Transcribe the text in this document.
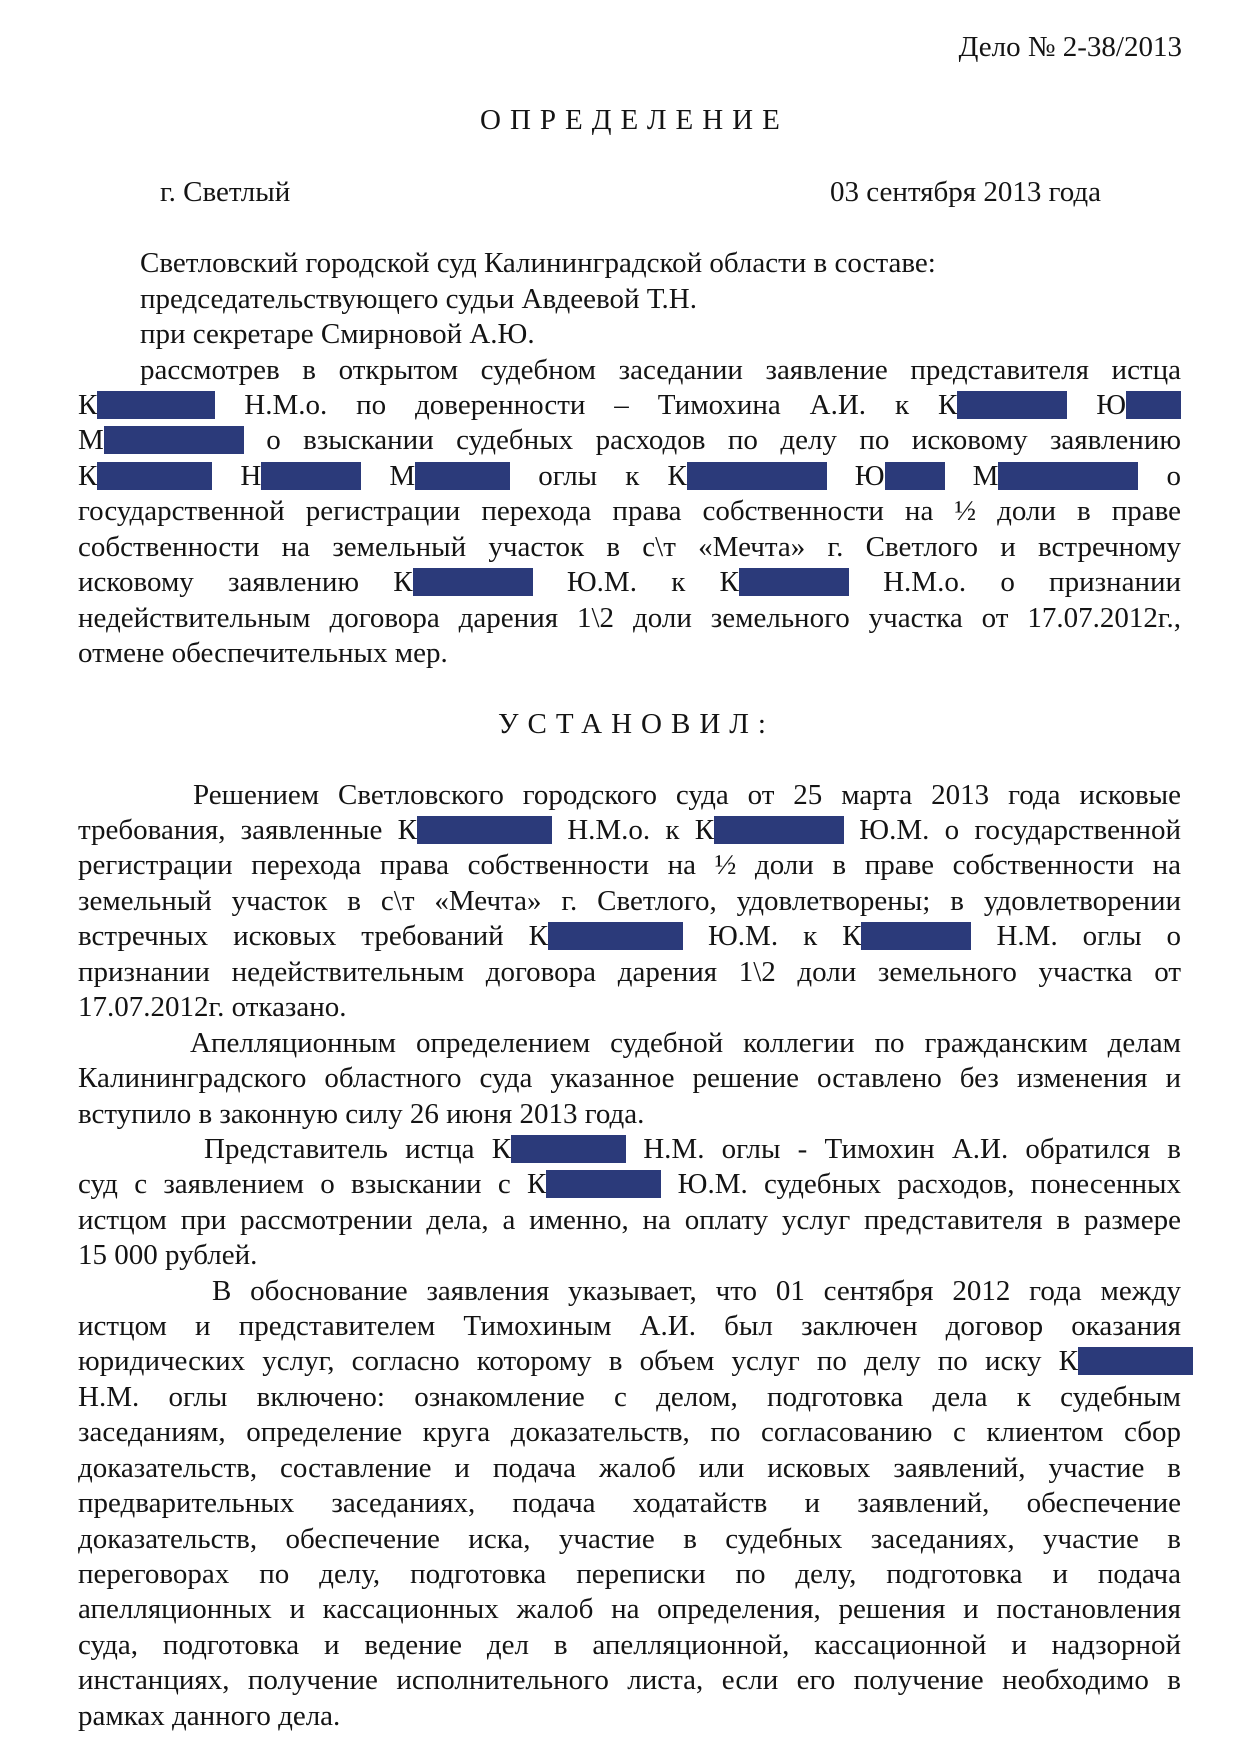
Дело № 2-38/2013
ОПРЕДЕЛЕНИЕ
г. Светлый	03 сентября 2013 года
Светловский городской суд Калининградской области в составе:
председательствующего судьи Авдеевой Т.Н.
при секретаре Смирновой А.Ю.
рассмотрев в открытом судебном заседании заявление представителя истца
К	Н.М.о. по доверенности – Тимохина А.И. к К	Ю
М	о взыскании судебных расходов по делу по исковому заявлению
К	Н	М	оглы к К	Ю	М	о
государственной регистрации перехода права собственности на ½ доли в праве
собственности на земельный участок в с\т «Мечта» г. Светлого и встречному
исковому заявлению К	Ю.М. к К	Н.М.о. о признании
недействительным договора дарения 1\2 доли земельного участка от 17.07.2012г.,
отмене обеспечительных мер.
УСТАНОВИЛ:
Решением Светловского городского суда от 25 марта 2013 года исковые
требования, заявленные К	Н.М.о. к К	Ю.М. о государственной
регистрации перехода права собственности на ½ доли в праве собственности на
земельный участок в с\т «Мечта» г. Светлого, удовлетворены; в удовлетворении
встречных исковых требований К	Ю.М. к К	Н.М. оглы о
признании недействительным договора дарения 1\2 доли земельного участка от
17.07.2012г. отказано.
Апелляционным определением судебной коллегии по гражданским делам
Калининградского областного суда указанное решение оставлено без изменения и
вступило в законную силу 26 июня 2013 года.
Представитель истца К	Н.М. оглы - Тимохин А.И. обратился в
суд с заявлением о взыскании с К	Ю.М. судебных расходов, понесенных
истцом при рассмотрении дела, а именно, на оплату услуг представителя в размере
15 000 рублей.
В обоснование заявления указывает, что 01 сентября 2012 года между
истцом и представителем Тимохиным А.И. был заключен договор оказания
юридических услуг, согласно которому в объем услуг по делу по иску К
Н.М. оглы включено: ознакомление с делом, подготовка дела к судебным
заседаниям, определение круга доказательств, по согласованию с клиентом сбор
доказательств, составление и подача жалоб или исковых заявлений, участие в
предварительных заседаниях, подача ходатайств и заявлений, обеспечение
доказательств, обеспечение иска, участие в судебных заседаниях, участие в
переговорах по делу, подготовка переписки по делу, подготовка и подача
апелляционных и кассационных жалоб на определения, решения и постановления
суда, подготовка и ведение дел в апелляционной, кассационной и надзорной
инстанциях, получение исполнительного листа, если его получение необходимо в
рамках данного дела.
